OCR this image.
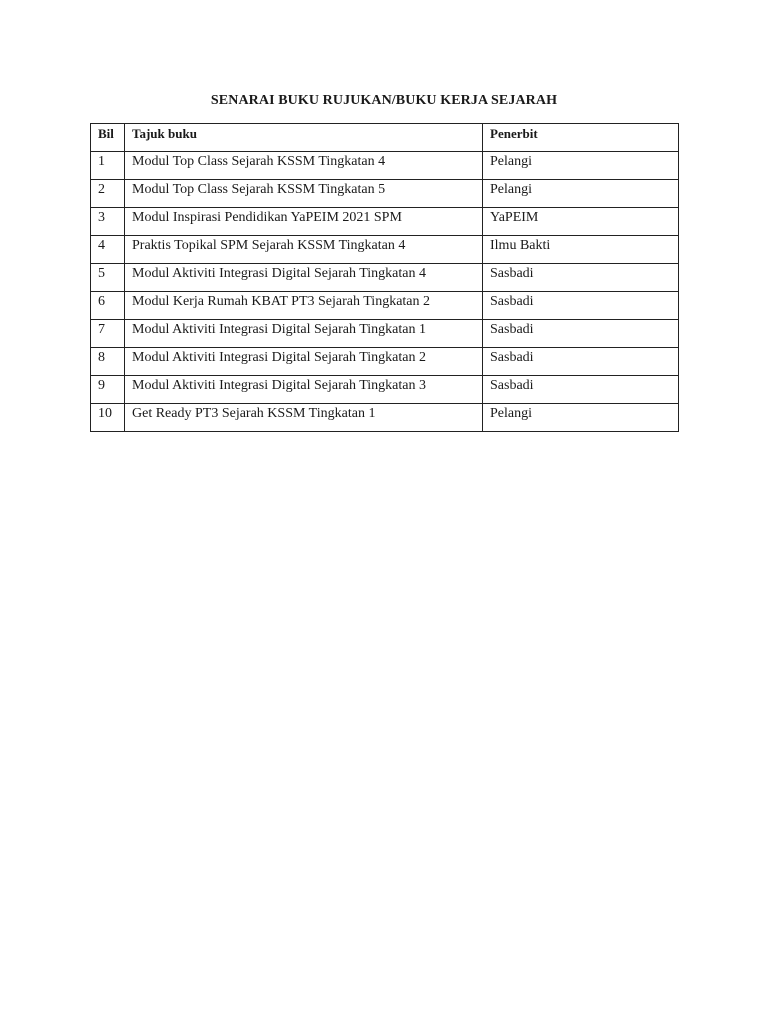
SENARAI BUKU RUJUKAN/BUKU KERJA SEJARAH
Bil	Tajuk buku	Penerbit
1	Modul Top Class Sejarah KSSM Tingkatan 4	Pelangi
2	Modul Top Class Sejarah KSSM Tingkatan 5	Pelangi
3	Modul Inspirasi Pendidikan YaPEIM 2021 SPM	YaPEIM
4	Praktis Topikal SPM Sejarah KSSM Tingkatan 4	Ilmu Bakti
5	Modul Aktiviti Integrasi Digital Sejarah Tingkatan 4	Sasbadi
6	Modul Kerja Rumah KBAT PT3 Sejarah Tingkatan 2	Sasbadi
7	Modul Aktiviti Integrasi Digital Sejarah Tingkatan 1	Sasbadi
8	Modul Aktiviti Integrasi Digital Sejarah Tingkatan 2	Sasbadi
9	Modul Aktiviti Integrasi Digital Sejarah Tingkatan 3	Sasbadi
10	Get Ready PT3 Sejarah KSSM Tingkatan 1	Pelangi
